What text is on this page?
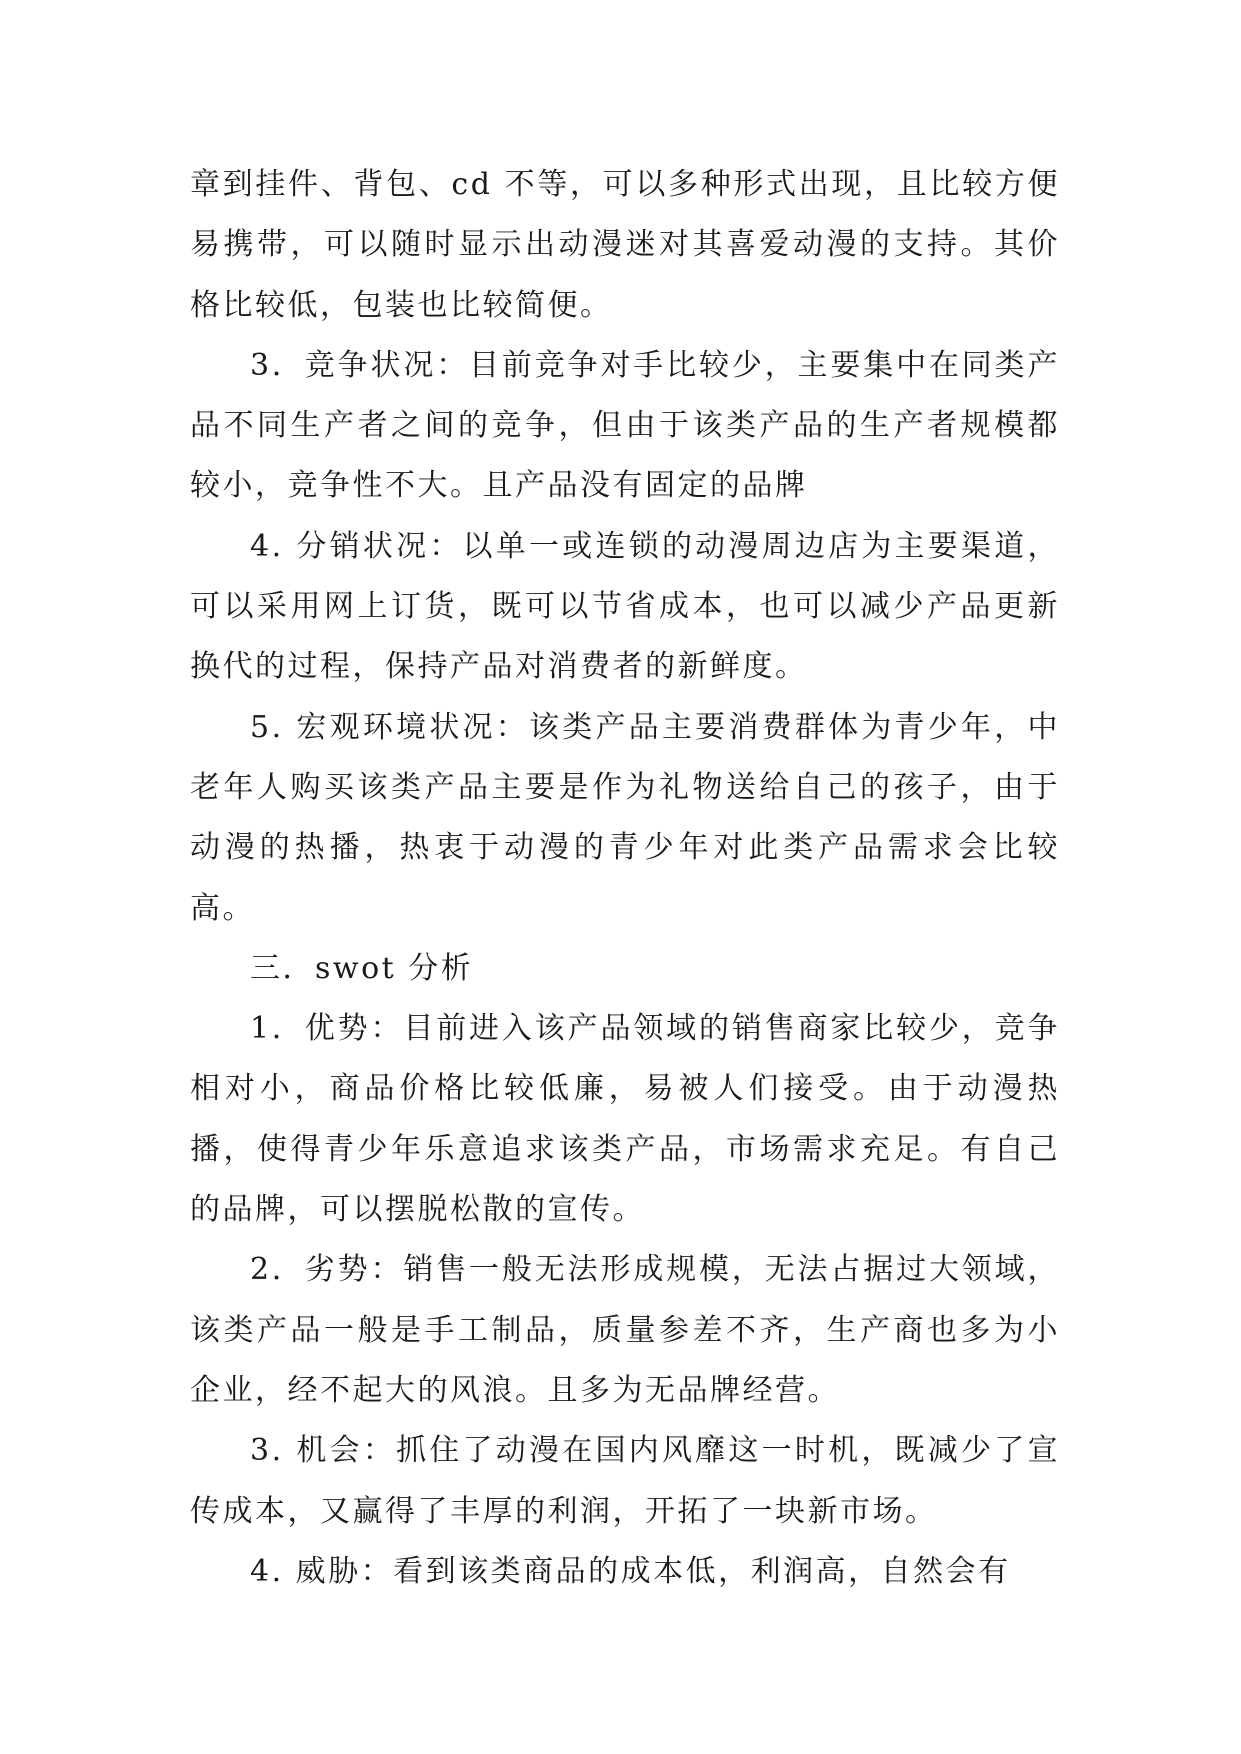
章到挂件、背包、cd 不等，可以多种形式出现，且比较方便易携带，可以随时显示出动漫迷对其喜爱动漫的支持。其价格比较低，包装也比较简便。

3．竞争状况：目前竞争对手比较少，主要集中在同类产品不同生产者之间的竞争，但由于该类产品的生产者规模都较小，竞争性不大。且产品没有固定的品牌

4. 分销状况：以单一或连锁的动漫周边店为主要渠道，可以采用网上订货，既可以节省成本，也可以减少产品更新换代的过程，保持产品对消费者的新鲜度。

5. 宏观环境状况：该类产品主要消费群体为青少年，中老年人购买该类产品主要是作为礼物送给自己的孩子，由于动漫的热播，热衷于动漫的青少年对此类产品需求会比较高。

三．swot 分析

1．优势：目前进入该产品领域的销售商家比较少，竞争相对小，商品价格比较低廉，易被人们接受。由于动漫热播，使得青少年乐意追求该类产品，市场需求充足。有自己的品牌，可以摆脱松散的宣传。

2．劣势：销售一般无法形成规模，无法占据过大领域，该类产品一般是手工制品，质量参差不齐，生产商也多为小企业，经不起大的风浪。且多为无品牌经营。

3. 机会：抓住了动漫在国内风靡这一时机，既减少了宣传成本，又赢得了丰厚的利润，开拓了一块新市场。

4. 威胁：看到该类商品的成本低，利润高，自然会有
